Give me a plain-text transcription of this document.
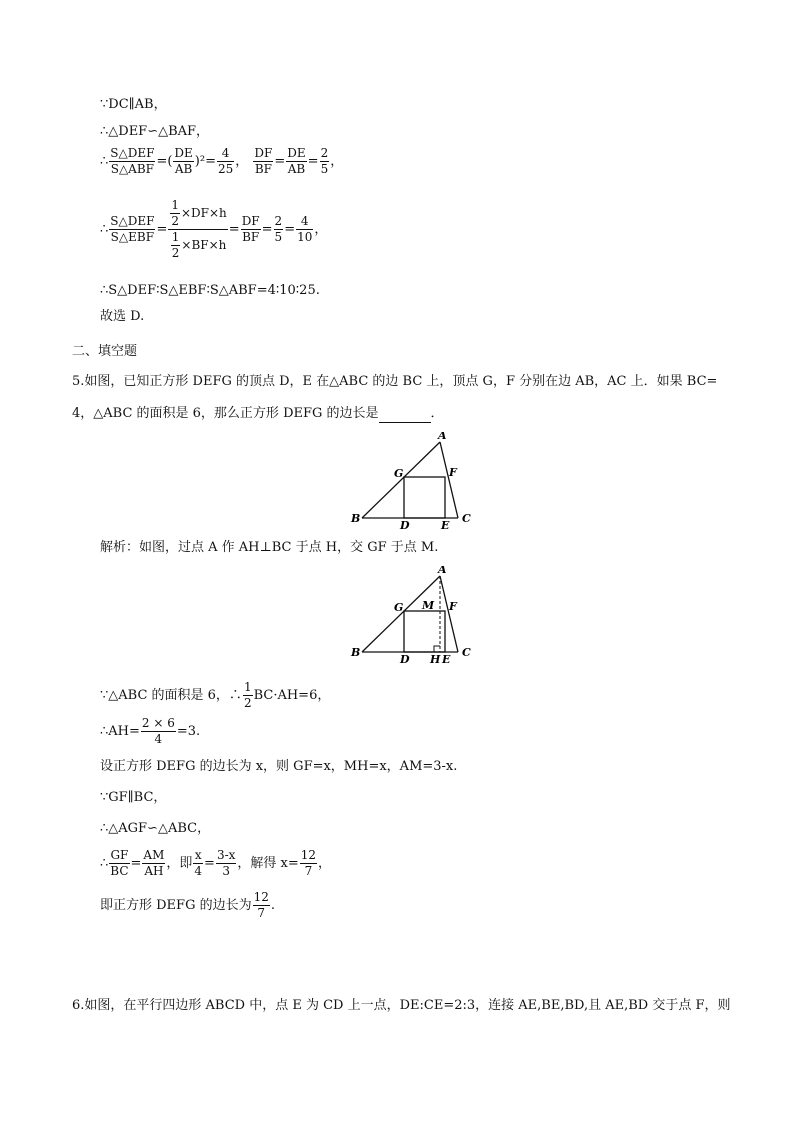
∵DC∥AB，
∴△DEF∽△BAF，
∴
S△DEF
S△ABF =( $\frac{DE}{AB} )^2= \frac{4}{25}$ ， $\frac{DF}{BF} = \frac{DE}{AB} = \frac{2}{5}$ ，
∴
S△DEF
S△EBF = $\frac{\frac{1}{2} \times DF\times h}{\frac{1}{2} \times BF\times h} = \frac{DF}{BF} = \frac{2}{5} = \frac{4}{10}$ ，
∴S△DEF∶S△EBF∶S△ABF=4∶10∶25.
故选 D.
二、填空题
5.如图，已知正方形 DEFG 的顶点 D，E 在△ABC 的边 BC 上，顶点 G，F 分别在边 AB，AC 上．如果 BC=
4，△ABC 的面积是 6，那么正方形 DEFG 的边长是	．
A
G	F
B
D	E
C
解析：如图，过点 A 作 AH⊥BC 于点 H，交 GF 于点 M.
A
G M F
B
D H E
C
∵△ABC 的面积是 6，∴ $\frac{1}{2} BC\cdot AH=6$，
∴AH= $\frac{2 \times 6}{4} =3$.
设正方形 DEFG 的边长为 x，则 GF=x，MH=x，AM=3-x.
∵GF∥BC，
∴△AGF∽△ABC，
∴ $\frac{GF}{BC} = \frac{AM}{AH}$ ，即 $\frac{x}{4} = \frac{3-x}{3}$ ，解得 $x= \frac{12}{7}$ ，
即正方形 DEFG 的边长为 $\frac{12}{7}$ .
6.如图，在平行四边形 ABCD 中，点 E 为 CD 上一点，DE:CE=2:3，连接 AE,BE,BD,且 AE,BD 交于点 F，则
